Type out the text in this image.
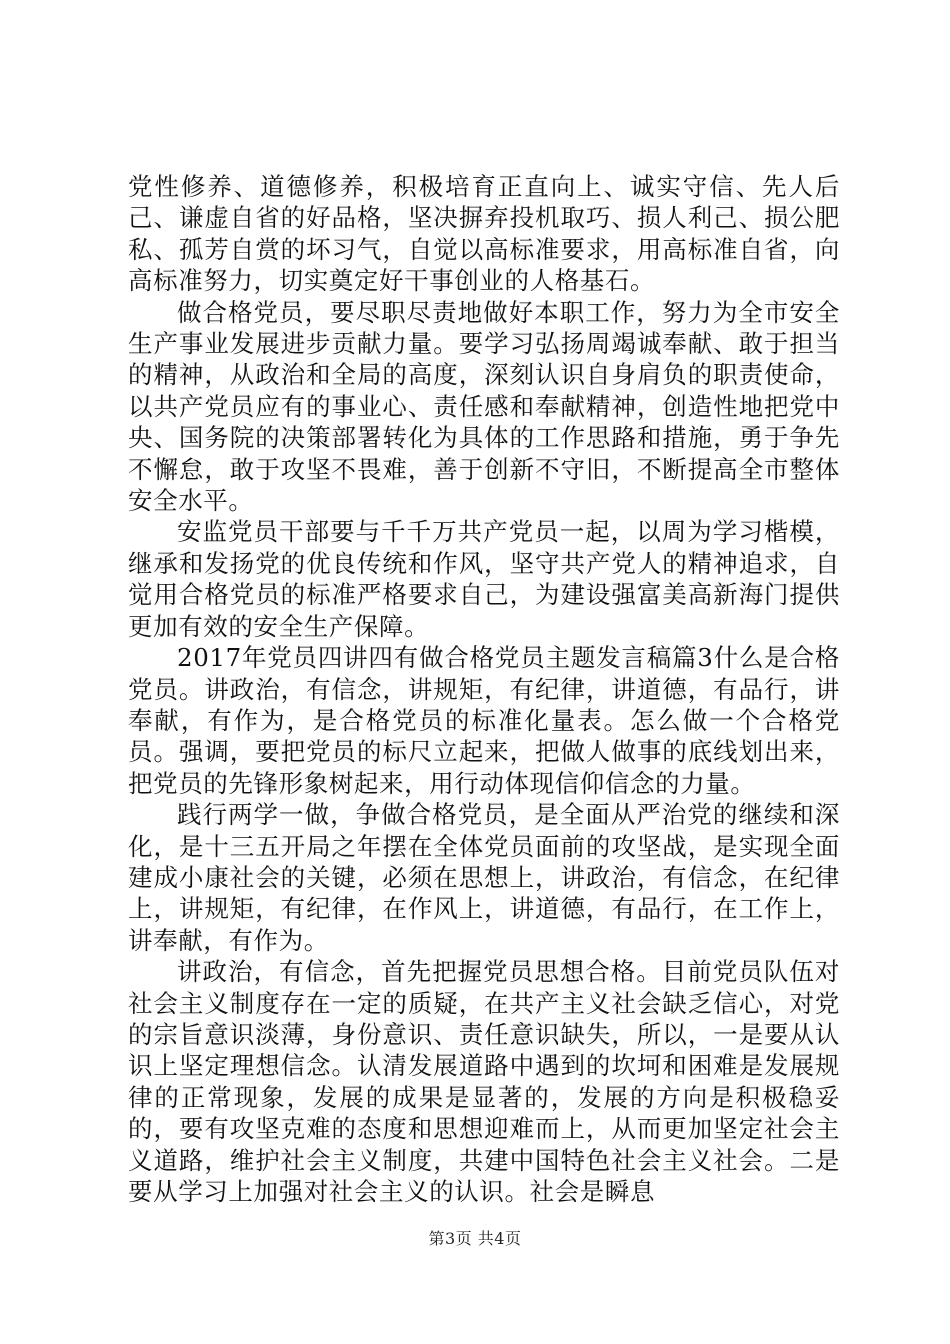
党性修养、道德修养，积极培育正直向上、诚实守信、先人后己、谦虚自省的好品格，坚决摒弃投机取巧、损人利己、损公肥私、孤芳自赏的坏习气，自觉以高标准要求，用高标准自省，向高标准努力，切实奠定好干事创业的人格基石。

做合格党员，要尽职尽责地做好本职工作，努力为全市安全生产事业发展进步贡献力量。要学习弘扬周竭诚奉献、敢于担当的精神，从政治和全局的高度，深刻认识自身肩负的职责使命，以共产党员应有的事业心、责任感和奉献精神，创造性地把党中央、国务院的决策部署转化为具体的工作思路和措施，勇于争先不懈怠，敢于攻坚不畏难，善于创新不守旧，不断提高全市整体安全水平。

安监党员干部要与千千万共产党员一起，以周为学习楷模，继承和发扬党的优良传统和作风，坚守共产党人的精神追求，自觉用合格党员的标准严格要求自己，为建设强富美高新海门提供更加有效的安全生产保障。

2017年党员四讲四有做合格党员主题发言稿篇3什么是合格党员。讲政治，有信念，讲规矩，有纪律，讲道德，有品行，讲奉献，有作为，是合格党员的标准化量表。怎么做一个合格党员。强调，要把党员的标尺立起来，把做人做事的底线划出来，把党员的先锋形象树起来，用行动体现信仰信念的力量。

践行两学一做，争做合格党员，是全面从严治党的继续和深化，是十三五开局之年摆在全体党员面前的攻坚战，是实现全面建成小康社会的关键，必须在思想上，讲政治，有信念，在纪律上，讲规矩，有纪律，在作风上，讲道德，有品行，在工作上，讲奉献，有作为。

讲政治，有信念，首先把握党员思想合格。目前党员队伍对社会主义制度存在一定的质疑，在共产主义社会缺乏信心，对党的宗旨意识淡薄，身份意识、责任意识缺失，所以，一是要从认识上坚定理想信念。认清发展道路中遇到的坎坷和困难是发展规律的正常现象，发展的成果是显著的，发展的方向是积极稳妥的，要有攻坚克难的态度和思想迎难而上，从而更加坚定社会主义道路，维护社会主义制度，共建中国特色社会主义社会。二是要从学习上加强对社会主义的认识。社会是瞬息

第3页 共4页
